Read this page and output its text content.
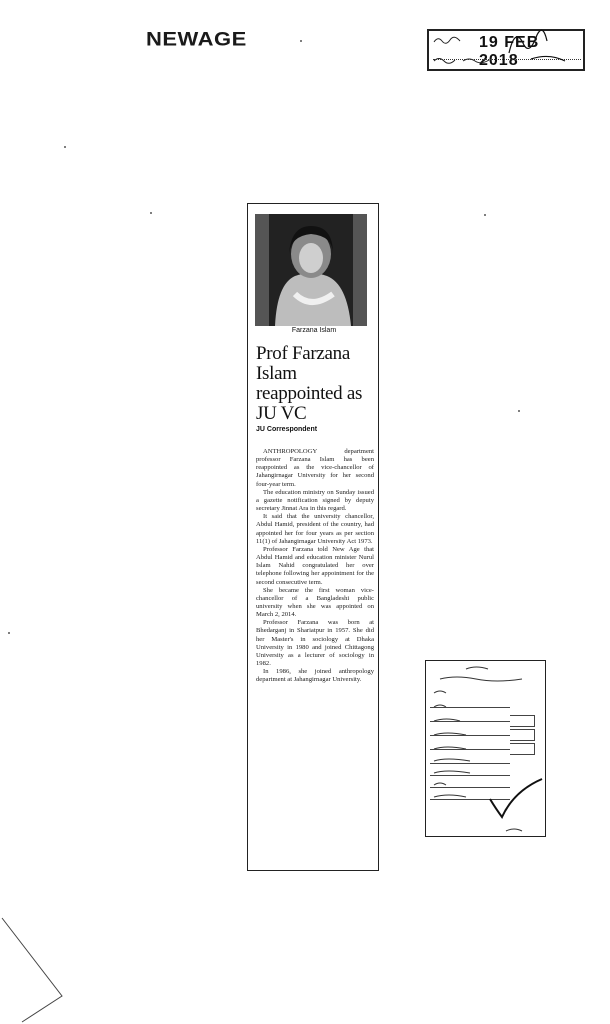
NEWAGE	19 FEB 2018
Farzana Islam
Prof Farzana Islam reappointed as JU VC
JU Correspondent

ANTHROPOLOGY department professor Farzana Islam has been reappointed as the vice-chancellor of Jahangirnagar University for her second four-year term.

The education ministry on Sunday issued a gazette notification signed by deputy secretary Jinnat Ara in this regard.

It said that the university chancellor, Abdul Hamid, president of the country, had appointed her for four years as per section 11(1) of Jahangirnagar University Act 1973.

Professor Farzana told New Age that Abdul Hamid and education minister Nurul Islam Nahid congratulated her over telephone following her appointment for the second consecutive term.

She became the first woman vice-chancellor of a Bangladeshi public university when she was appointed on March 2, 2014.

Professor Farzana was born at Bhedarganj in Shariatpur in 1957. She did her Master's in sociology at Dhaka University in 1980 and joined Chittagong University as a lecturer of sociology in 1982.

In 1986, she joined anthropology department at Jahangirnagar University.
